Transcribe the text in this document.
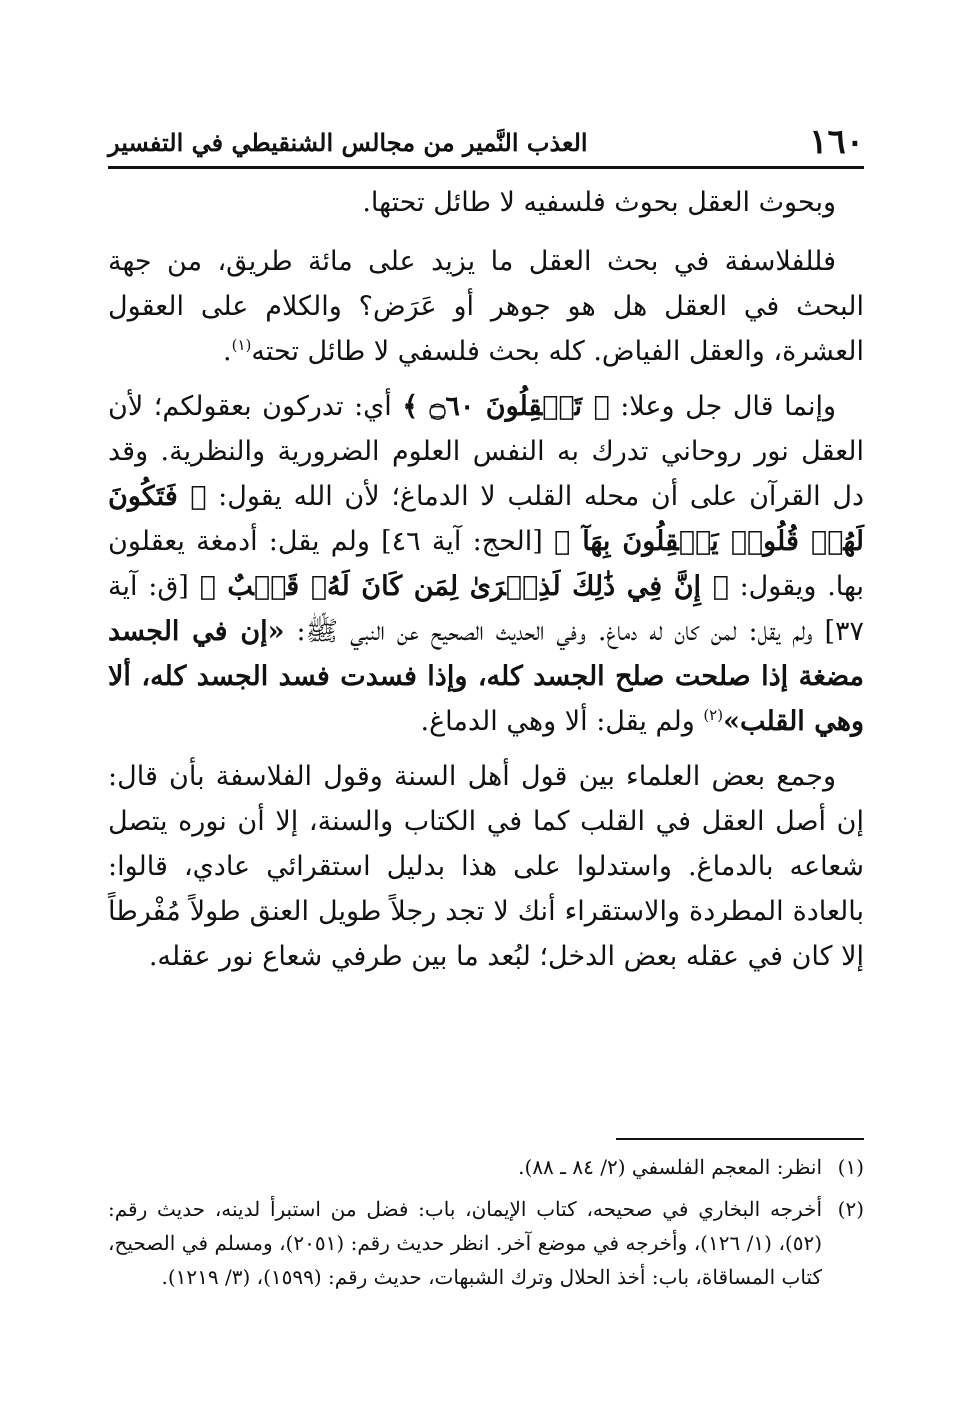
١٦٠
العذب النَّمير من مجالس الشنقيطي في التفسير

وبحوث العقل بحوث فلسفيه لا طائل تحتها.

فللفلاسفة في بحث العقل ما يزيد على مائة طريق، من جهة البحث في العقل هل هو جوهر أو عَرَض؟ والكلام على العقول العشرة، والعقل الفياض. كله بحث فلسفي لا طائل تحته$^{(١)}$.

وإنما قال جل وعلا: ﴿ تَعۡقِلُونَ ۝٦٠ ﴾ أي: تدركون بعقولكم؛ لأن العقل نور روحاني تدرك به النفس العلوم الضرورية والنظرية. وقد دل القرآن على أن محله القلب لا الدماغ؛ لأن الله يقول: ﴿ فَتَكُونَ لَهُمۡ قُلُوبٞ يَعۡقِلُونَ بِهَآ ﴾ [الحج: آية ٤٦] ولم يقل: أدمغة يعقلون بها. ويقول: ﴿ إِنَّ فِي ذَٰلِكَ لَذِكۡرَىٰ لِمَن كَانَ لَهُۥ قَلۡبٌ ﴾ [ق: آية ٣٧] ولم يقل: لمن كان له دماغ. وفي الحديث الصحيح عن النبي ﷺ: «إن في الجسد مضغة إذا صلحت صلح الجسد كله، وإذا فسدت فسد الجسد كله، ألا وهي القلب»$^{(٢)}$ ولم يقل: ألا وهي الدماغ.

وجمع بعض العلماء بين قول أهل السنة وقول الفلاسفة بأن قال: إن أصل العقل في القلب كما في الكتاب والسنة، إلا أن نوره يتصل شعاعه بالدماغ. واستدلوا على هذا بدليل استقرائي عادي، قالوا: بالعادة المطردة والاستقراء أنك لا تجد رجلاً طويل العنق طولاً مُفْرطاً إلا كان في عقله بعض الدخل؛ لبُعد ما بين طرفي شعاع نور عقله.

(١)
انظر: المعجم الفلسفي (٢/ ٨٤ ـ ٨٨).
(٢)
أخرجه البخاري في صحيحه، كتاب الإيمان، باب: فضل من استبرأ لدينه، حديث رقم: (٥٢)، (١/ ١٢٦)، وأخرجه في موضع آخر. انظر حديث رقم: (٢٠٥١)، ومسلم في الصحيح، كتاب المساقاة، باب: أخذ الحلال وترك الشبهات، حديث رقم: (١٥٩٩)، (٣/ ١٢١٩).
